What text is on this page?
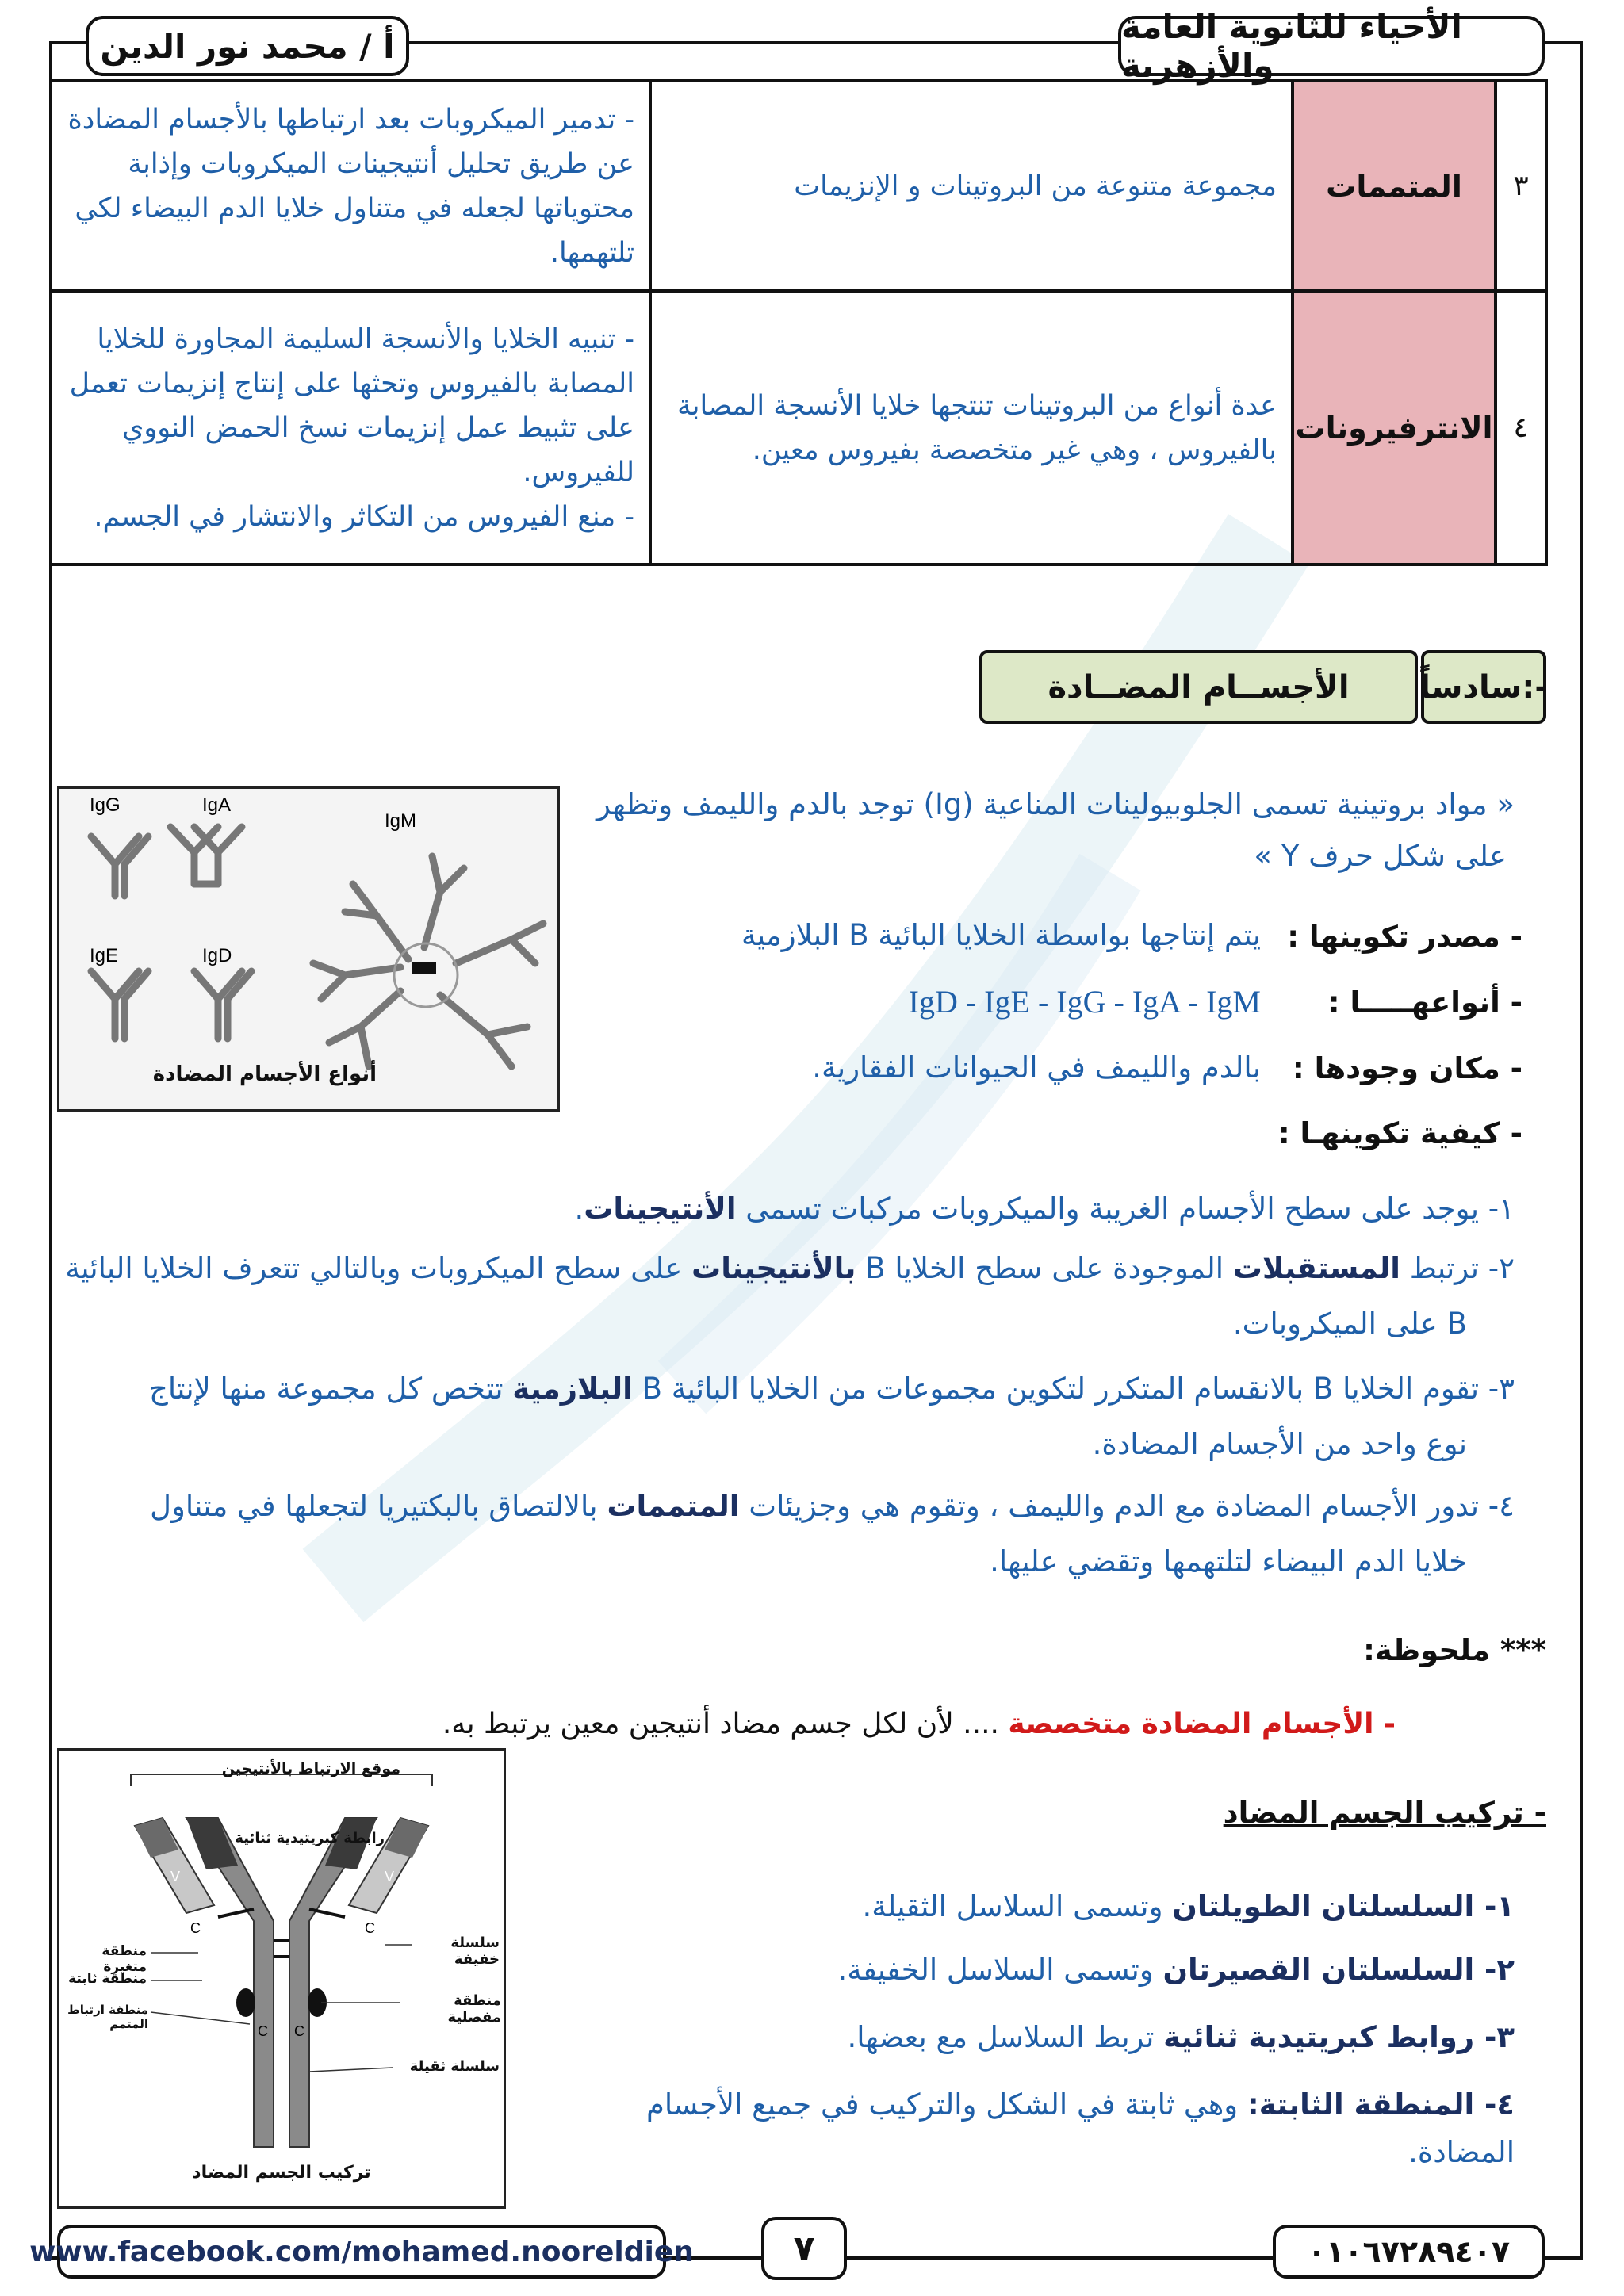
الأحياء للثانوية العامة والأزهرية
أ / محمد نور الدين
٣	المتممات	مجموعة متنوعة من البروتينات و الإنزيمات	- تدمير الميكروبات بعد ارتباطها بالأجسام المضادة عن طريق تحليل أنتيجينات الميكروبات وإذابة محتوياتها لجعله في متناول خلايا الدم البيضاء لكي تلتهمها.

٤	الانترفيرونات	عدة أنواع من البروتينات تنتجها خلايا الأنسجة المصابة بالفيروس ، وهي غير متخصصة بفيروس معين.	- تنبيه الخلايا والأنسجة السليمة المجاورة للخلايا المصابة بالفيروس وتحثها على إنتاج إنزيمات تعمل على تثبيط عمل إنزيمات نسخ الحمض النووي للفيروس.
- منع الفيروس من التكاثر والانتشار في الجسم.
سادساً:-
الأجســام المضــادة
IgG	IgA
IgM
IgE	IgD
أنواع الأجسام المضادة
« مواد بروتينية تسمى الجلوبيولينات المناعية (Ig) توجد بالدم والليمف وتظهر
على شكل حرف Y »
- مصدر تكوينها :
يتم إنتاجها بواسطة الخلايا البائية B البلازمية
- أنواعهـــــا :
IgD - IgE - IgG - IgA - IgM
- مكان وجودها :
بالدم والليمف في الحيوانات الفقارية.
- كيفية تكوينهـا :
١- يوجد على سطح الأجسام الغريبة والميكروبات مركبات تسمى الأنتيجينات.
٢- ترتبط المستقبلات الموجودة على سطح الخلايا B بالأنتيجينات على سطح الميكروبات وبالتالي تتعرف الخلايا البائية
B على الميكروبات.
٣- تقوم الخلايا B بالانقسام المتكرر لتكوين مجموعات من الخلايا البائية B البلازمية تتخص كل مجموعة منها لإنتاج
نوع واحد من الأجسام المضادة.
٤- تدور الأجسام المضادة مع الدم والليمف ، وتقوم هي وجزيئات المتممات بالالتصاق بالبكتيريا لتجعلها في متناول
خلايا الدم البيضاء لتلتهمها وتقضي عليها.
*** ملحوظة:
- الأجسام المضادة متخصصة .... لأن لكل جسم مضاد أنتيجين معين يرتبط به.
V	V
C	C
C C
موقع الارتباط بالأنتيجين
رابطة كبريتيدية ثنائية
منطقة متغيرة
منطقة ثابتة
منطقة ارتباط المتمم
سلسلة خفيفة
منطقة مفصلية
سلسلة ثقيلة
تركيب الجسم المضاد
- تركيب الجسم المضاد
١- السلسلتان الطويلتان وتسمى السلاسل الثقيلة.
٢- السلسلتان القصيرتان وتسمى السلاسل الخفيفة.
٣- روابط كبريتيدية ثنائية تربط السلاسل مع بعضها.
٤- المنطقة الثابتة: وهي ثابتة في الشكل والتركيب في جميع الأجسام المضادة.
www.facebook.com/mohamed.nooreldien	٧	٠١٠٦٧٢٨٩٤٠٧
